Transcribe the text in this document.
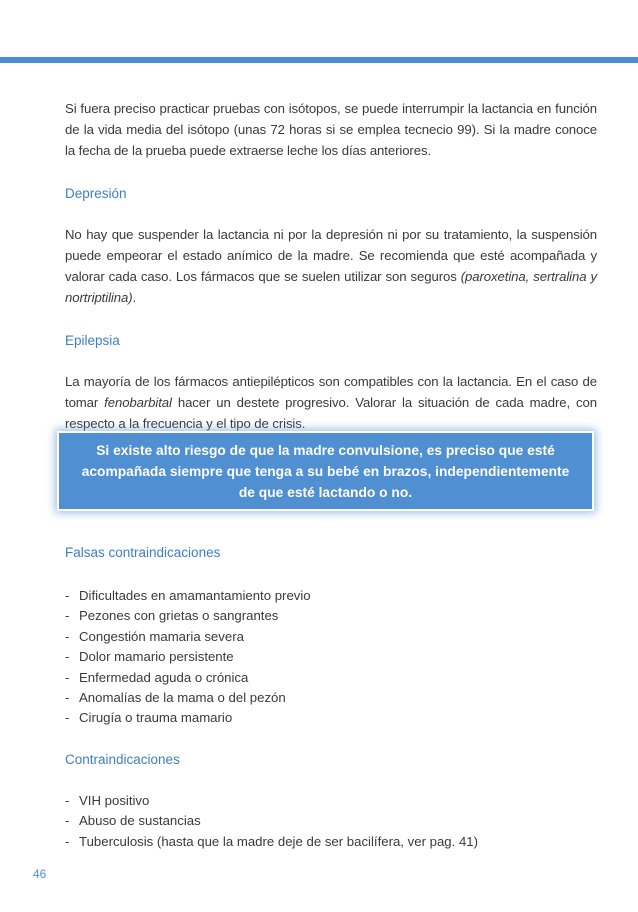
Si fuera preciso practicar pruebas con isótopos, se puede interrumpir la lactancia en función de la vida media del isótopo (unas 72 horas si se emplea tecnecio 99). Si la madre conoce la fecha de la prueba puede extraerse leche los días anteriores.

Depresión

No hay que suspender la lactancia ni por la depresión ni por su tratamiento, la suspensión puede empeorar el estado anímico de la madre. Se recomienda que esté acompañada y valorar cada caso. Los fármacos que se suelen utilizar son seguros (paroxetina, sertralina y nortriptilina).

Epilepsia

La mayoría de los fármacos antiepilépticos son compatibles con la lactancia. En el caso de tomar fenobarbital hacer un destete progresivo. Valorar la situación de cada madre, con respecto a la frecuencia y el tipo de crisis.

Si existe alto riesgo de que la madre convulsione, es preciso que esté acompañada siempre que tenga a su bebé en brazos, independientemente de que esté lactando o no.

Falsas contraindicaciones

- Dificultades en amamantamiento previo
- Pezones con grietas o sangrantes
- Congestión mamaria severa
- Dolor mamario persistente
- Enfermedad aguda o crónica
- Anomalías de la mama o del pezón
- Cirugía o trauma mamario

Contraindicaciones

- VIH positivo
- Abuso de sustancias
- Tuberculosis (hasta que la madre deje de ser bacilífera, ver pag. 41)
46
